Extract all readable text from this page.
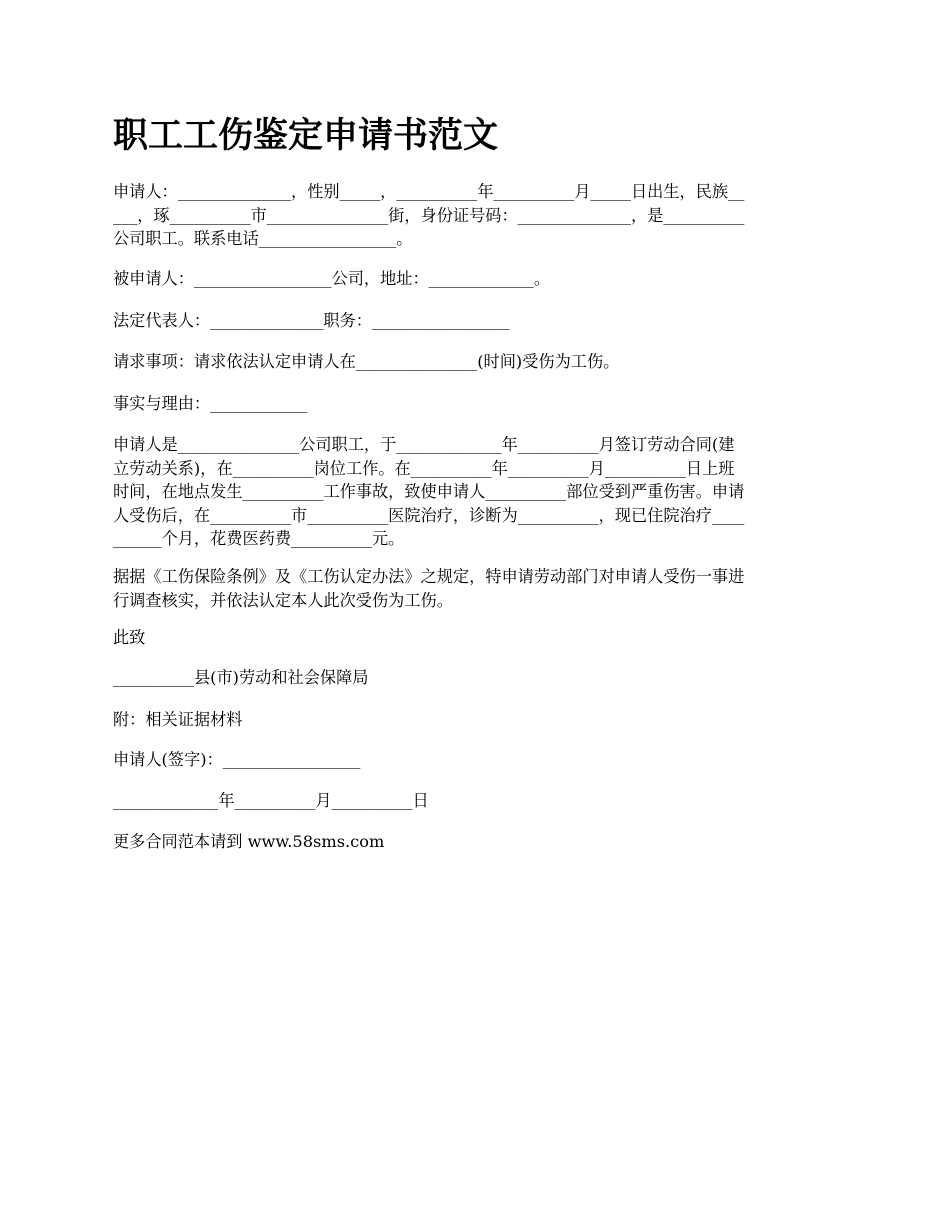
职工工伤鉴定申请书范文

申请人：______________，性别_____，__________年__________月_____日出生，民族__
___，琢__________市_______________街，身份证号码：______________，是__________
公司职工。联系电话_________________。

被申请人：_________________公司，地址：_____________。

法定代表人：______________职务：_________________

请求事项：请求依法认定申请人在_______________(时间)受伤为工伤。

事实与理由：____________

申请人是_______________公司职工，于_____________年__________月签订劳动合同(建
立劳动关系)，在__________岗位工作。在__________年__________月__________日上班
时间，在地点发生__________工作事故，致使申请人__________部位受到严重伤害。申请
人受伤后，在__________市__________医院治疗，诊断为__________，现已住院治疗____
______个月，花费医药费__________元。

据据《工伤保险条例》及《工伤认定办法》之规定，特申请劳动部门对申请人受伤一事进
行调查核实，并依法认定本人此次受伤为工伤。

此致

__________县(市)劳动和社会保障局

附：相关证据材料

申请人(签字)：_________________

_____________年__________月__________日

更多合同范本请到 www.58sms.com
